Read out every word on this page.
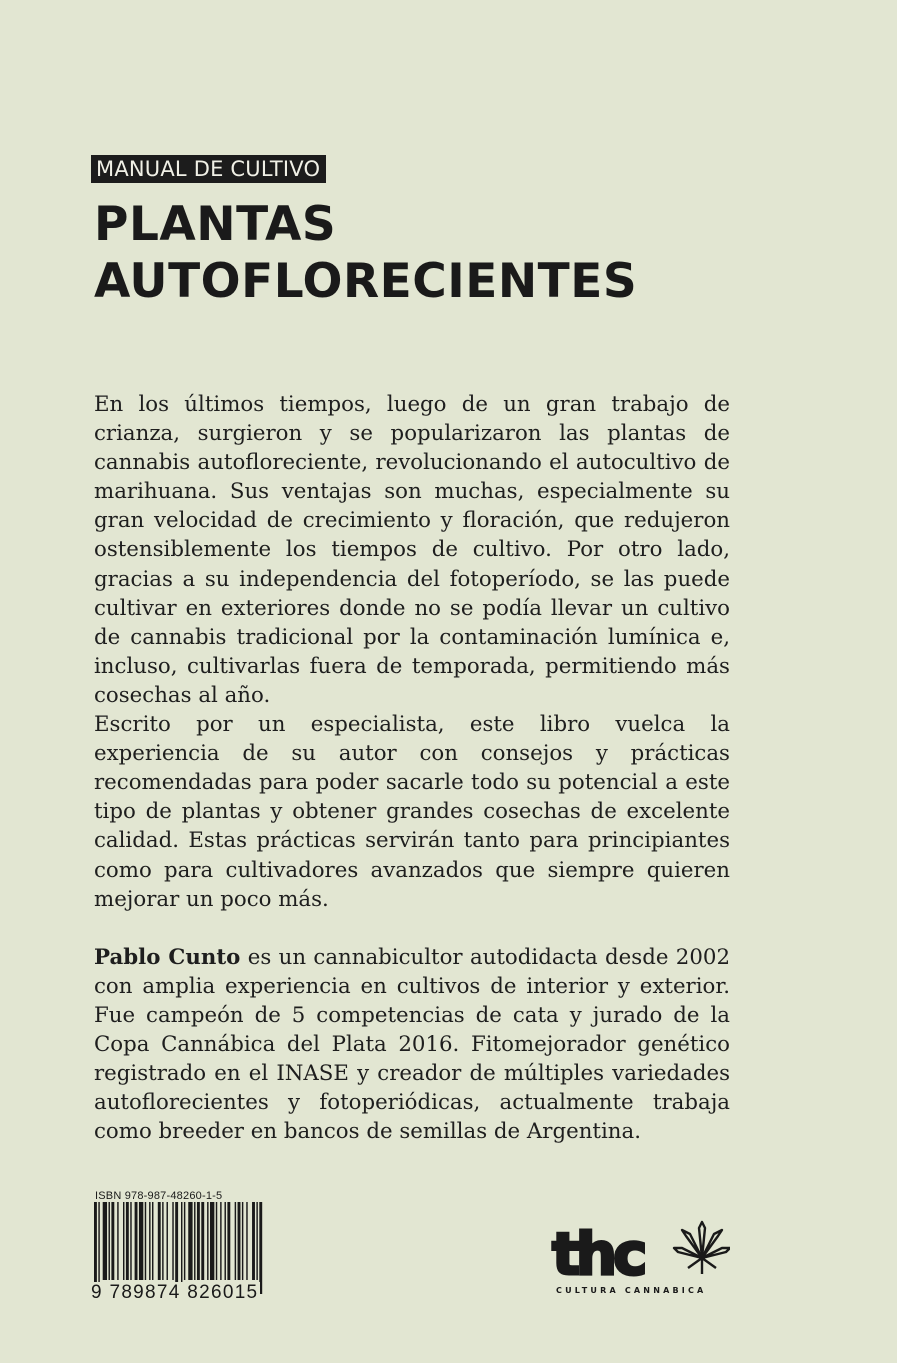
MANUAL DE CULTIVO
PLANTAS
AUTOFLORECIENTES

En los últimos tiempos, luego de un gran trabajo de crianza, surgieron y se popularizaron las plantas de cannabis autofloreciente, revolucionando el autocultivo de marihuana. Sus ventajas son muchas, especialmente su gran velocidad de crecimiento y floración, que redujeron ostensiblemente los tiempos de cultivo. Por otro lado, gracias a su independencia del fotoperíodo, se las puede cultivar en exteriores donde no se podía llevar un cultivo de cannabis tradicional por la contaminación lumínica e, incluso, cultivarlas fuera de temporada, permitiendo más cosechas al año.

Escrito por un especialista, este libro vuelca la experiencia de su autor con consejos y prácticas recomendadas para poder sacarle todo su potencial a este tipo de plantas y obtener grandes cosechas de excelente calidad. Estas prácticas servirán tanto para principiantes como para cultivadores avanzados que siempre quieren mejorar un poco más.

Pablo Cunto es un cannabicultor autodidacta desde 2002 con amplia experiencia en cultivos de interior y exterior. Fue campeón de 5 competencias de cata y jurado de la Copa Cannábica del Plata 2016. Fitomejorador genético registrado en el INASE y creador de múltiples variedades autoflorecientes y fotoperiódicas, actualmente trabaja como breeder en bancos de semillas de Argentina.

ISBN 978-987-48260-1-5
9 789874 826015
thc
CULTURA CANNABICA
